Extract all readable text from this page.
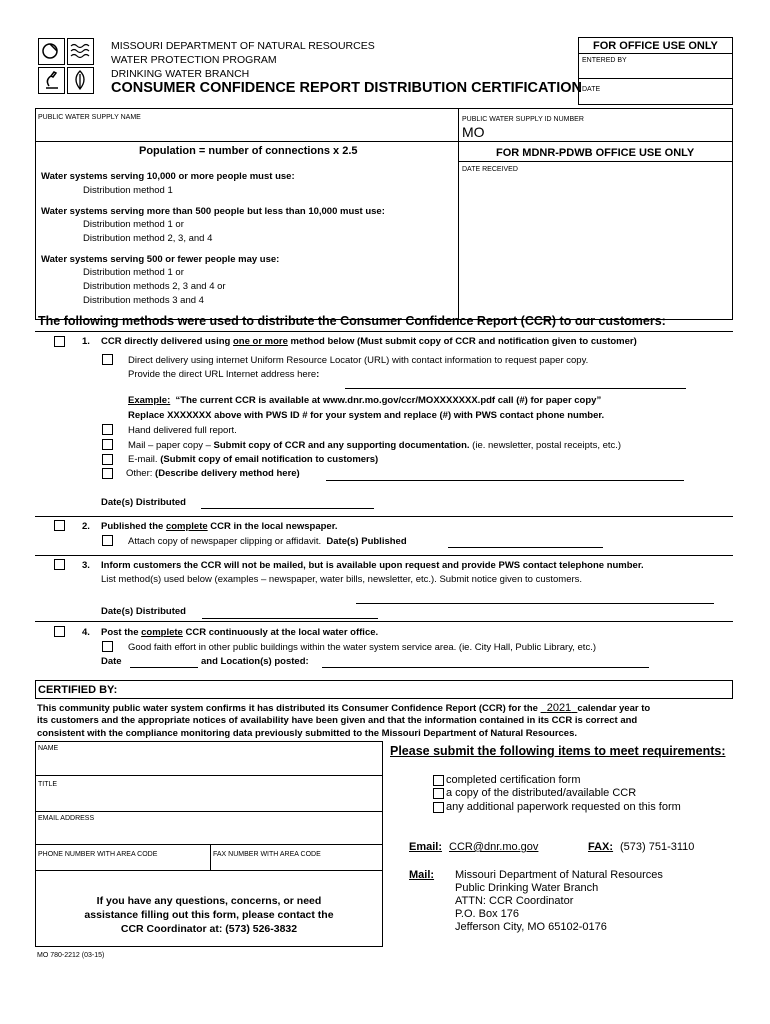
MISSOURI DEPARTMENT OF NATURAL RESOURCES
WATER PROTECTION PROGRAM
DRINKING WATER BRANCH
CONSUMER CONFIDENCE REPORT DISTRIBUTION CERTIFICATION
FOR OFFICE USE ONLY
ENTERED BY
DATE
PUBLIC WATER SUPPLY NAME	PUBLIC WATER SUPPLY ID NUMBER
MO
Population = number of connections x 2.5	FOR MDNR-PDWB OFFICE USE ONLY
DATE RECEIVED
Water systems serving 10,000 or more people must use:
Distribution method 1
Water systems serving more than 500 people but less than 10,000 must use:
Distribution method 1 or
Distribution method 2, 3, and 4
Water systems serving 500 or fewer people may use:
Distribution method 1 or
Distribution methods 2, 3 and 4 or
Distribution methods 3 and 4
The following methods were used to distribute the Consumer Confidence Report (CCR) to our customers:
1. CCR directly delivered using one or more method below (Must submit copy of CCR and notification given to customer)
Direct delivery using internet Uniform Resource Locator (URL) with contact information to request paper copy.
Provide the direct URL Internet address here:
Example: “The current CCR is available at www.dnr.mo.gov/ccr/MOXXXXXXX.pdf call (#) for paper copy”
Replace XXXXXXX above with PWS ID # for your system and replace (#) with PWS contact phone number.
Hand delivered full report.
Mail – paper copy – Submit copy of CCR and any supporting documentation. (ie. newsletter, postal receipts, etc.)
E-mail. (Submit copy of email notification to customers)
Other: (Describe delivery method here)
Date(s) Distributed
2. Published the complete CCR in the local newspaper.
Attach copy of newspaper clipping or affidavit. Date(s) Published
3. Inform customers the CCR will not be mailed, but is available upon request and provide PWS contact telephone number.
List method(s) used below (examples – newspaper, water bills, newsletter, etc.). Submit notice given to customers.
Date(s) Distributed
4. Post the complete CCR continuously at the local water office.
Good faith effort in other public buildings within the water system service area. (ie. City Hall, Public Library, etc.)
Date	and Location(s) posted:
CERTIFIED BY:
This community public water system confirms it has distributed its Consumer Confidence Report (CCR) for the   2021 calendar year to
its customers and the appropriate notices of availability have been given and that the information contained in its CCR is correct and
consistent with the compliance monitoring data previously submitted to the Missouri Department of Natural Resources.
NAME
TITLE
EMAIL ADDRESS
PHONE NUMBER WITH AREA CODE	FAX NUMBER WITH AREA CODE
If you have any questions, concerns, or need
assistance filling out this form, please contact the
CCR Coordinator at: (573) 526-3832
Please submit the following items to meet requirements:
completed certification form
a copy of the distributed/available CCR
any additional paperwork requested on this form
Email: CCR@dnr.mo.gov	FAX: (573) 751-3110
Mail: Missouri Department of Natural Resources
Public Drinking Water Branch
ATTN: CCR Coordinator
P.O. Box 176
Jefferson City, MO 65102-0176
MO 780-2212 (03-15)
